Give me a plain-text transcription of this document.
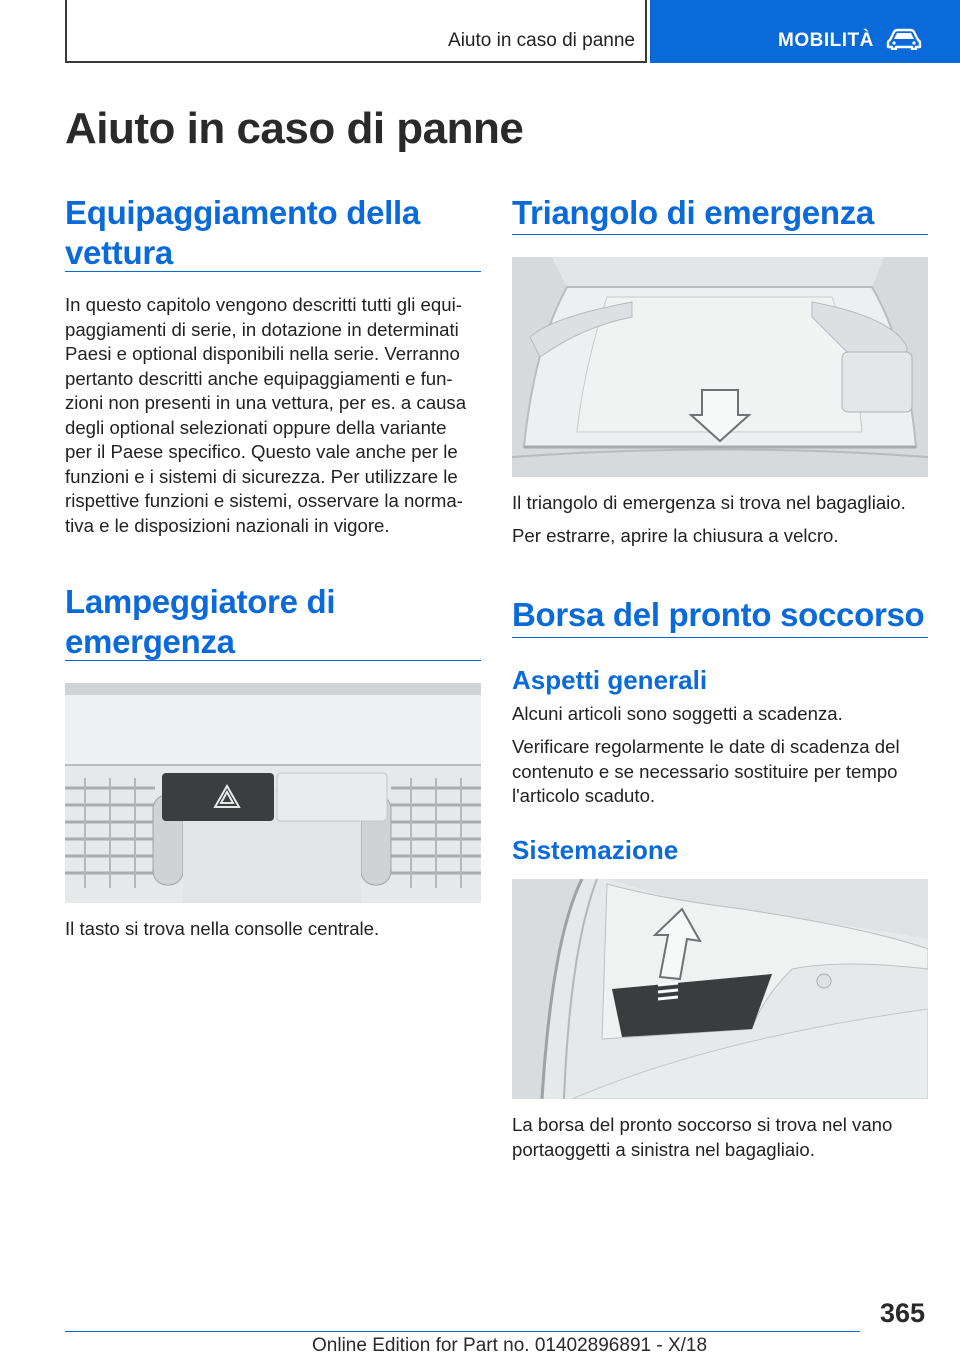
Aiuto in caso di panne	MOBILITÀ
Aiuto in caso di panne
Equipaggiamento della
vettura
In questo capitolo vengono descritti tutti gli equi-
paggiamenti di serie, in dotazione in determinati
Paesi e optional disponibili nella serie. Verranno
pertanto descritti anche equipaggiamenti e fun-
zioni non presenti in una vettura, per es. a causa
degli optional selezionati oppure della variante
per il Paese specifico. Questo vale anche per le
funzioni e i sistemi di sicurezza. Per utilizzare le
rispettive funzioni e sistemi, osservare la norma-
tiva e le disposizioni nazionali in vigore.
Lampeggiatore di
emergenza

Il tasto si trova nella consolle centrale.

Triangolo di emergenza

Il triangolo di emergenza si trova nel bagagliaio.

Per estrarre, aprire la chiusura a velcro.

Borsa del pronto soccorso
Aspetti generali

Alcuni articoli sono soggetti a scadenza.

Verificare regolarmente le date di scadenza del
contenuto e se necessario sostituire per tempo
l'articolo scaduto.
Sistemazione
La borsa del pronto soccorso si trova nel vano
portaoggetti a sinistra nel bagagliaio.
365
Online Edition for Part no. 01402896891 - X/18
